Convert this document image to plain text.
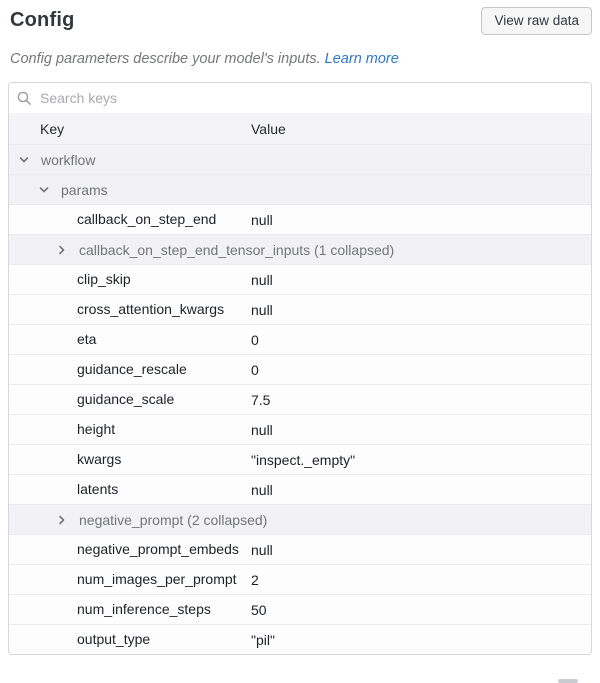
Config	View raw data

Config parameters describe your model's inputs. Learn more

Search keys
Key	Value
workflow
params
callback_on_step_end	null
callback_on_step_end_tensor_inputs (1 collapsed)
clip_skip	null
cross_attention_kwargs	null
eta	0
guidance_rescale	0
guidance_scale	7.5
height	null
kwargs	"inspect._empty"
latents	null
negative_prompt (2 collapsed)
negative_prompt_embeds null
num_images_per_prompt	2
num_inference_steps	50
output_type	"pil"
